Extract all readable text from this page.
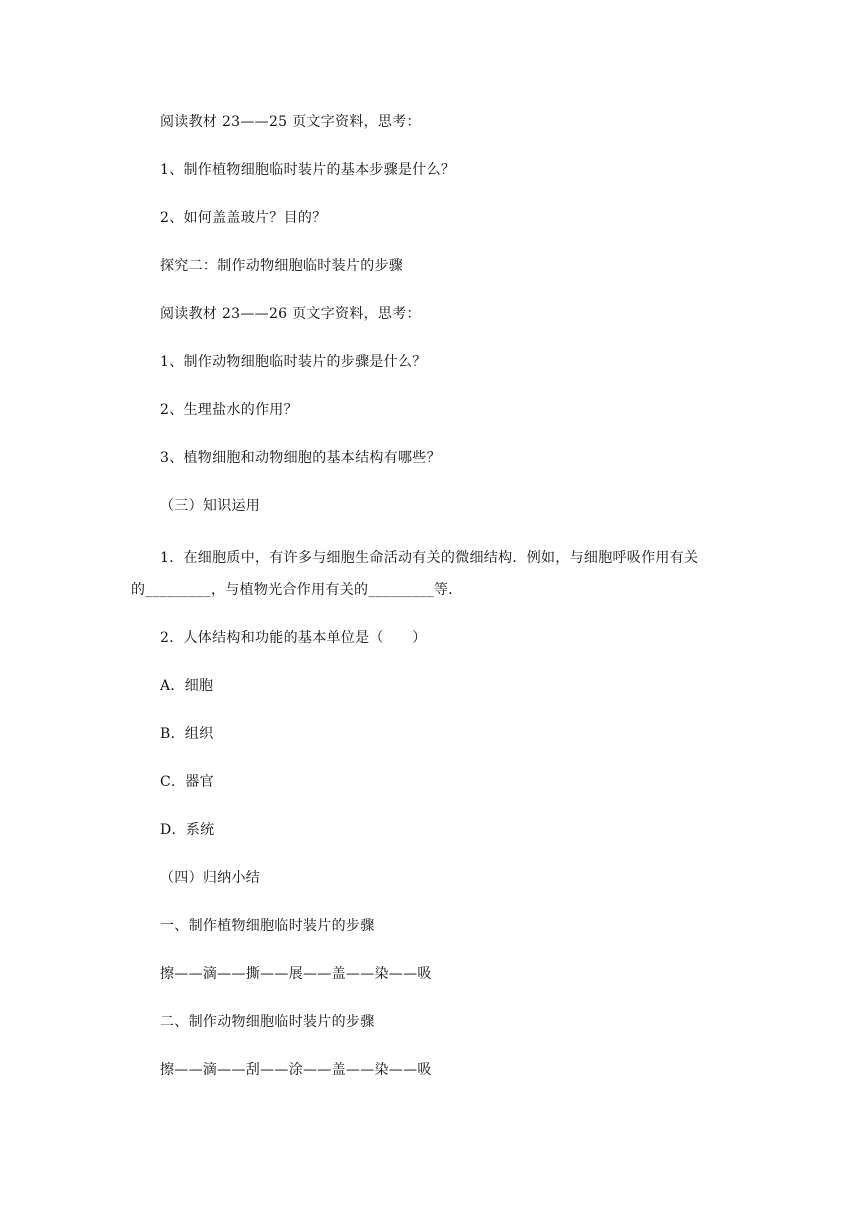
阅读教材 23——25 页文字资料，思考：
1、制作植物细胞临时装片的基本步骤是什么？
2、如何盖盖玻片？目的？
探究二：制作动物细胞临时装片的步骤
阅读教材 23——26 页文字资料，思考：
1、制作动物细胞临时装片的步骤是什么？
2、生理盐水的作用？
3、植物细胞和动物细胞的基本结构有哪些？
（三）知识运用
1．在细胞质中，有许多与细胞生命活动有关的微细结构．例如，与细胞呼吸作用有关
的_________，与植物光合作用有关的_________等．
2．人体结构和功能的基本单位是（　　）
A．细胞
B．组织
C．器官
D．系统
（四）归纳小结
一、制作植物细胞临时装片的步骤
擦——滴——撕——展——盖——染——吸
二、制作动物细胞临时装片的步骤
擦——滴——刮——涂——盖——染——吸
